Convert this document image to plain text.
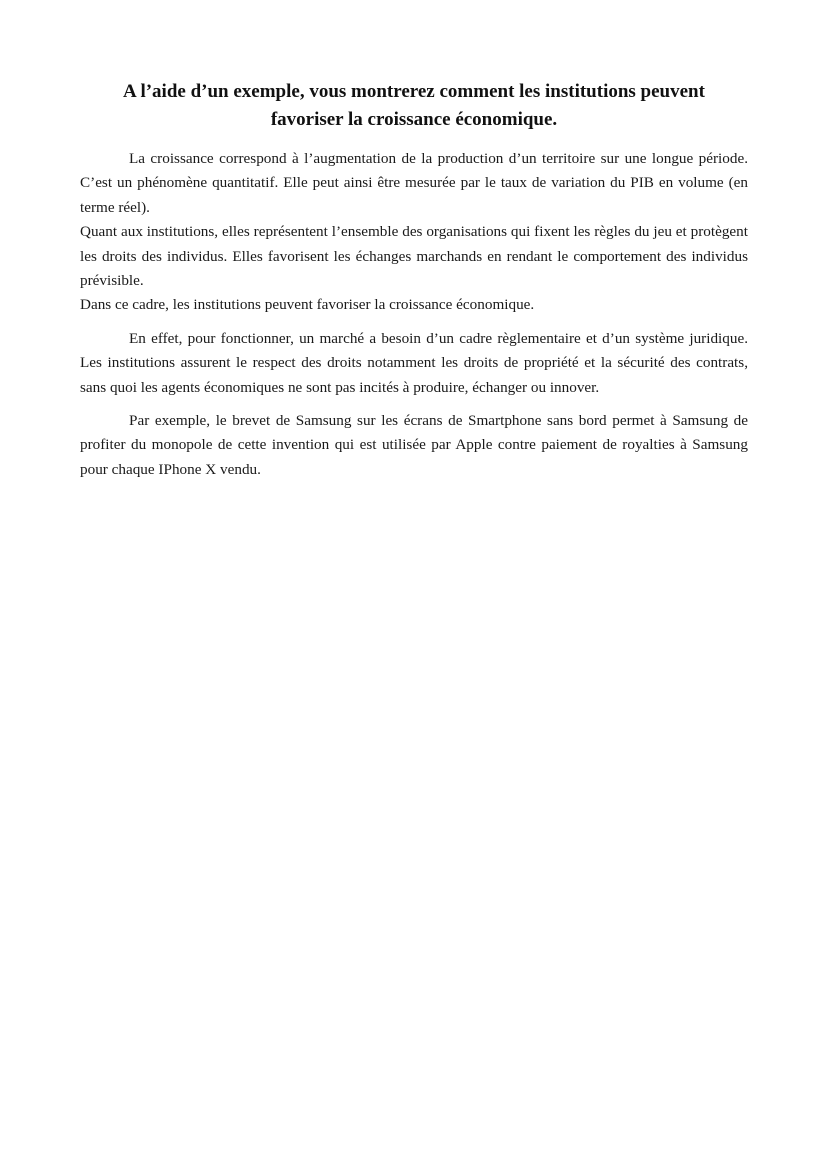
A l’aide d’un exemple, vous montrerez comment les institutions peuvent
favoriser la croissance économique.

La croissance correspond à l’augmentation de la production d’un territoire sur une longue période. C’est un phénomène quantitatif. Elle peut ainsi être mesurée par le taux de variation du PIB en volume (en terme réel).

Quant aux institutions, elles représentent l’ensemble des organisations qui fixent les règles du jeu et protègent les droits des individus. Elles favorisent les échanges marchands en rendant le comportement des individus prévisible.

Dans ce cadre, les institutions peuvent favoriser la croissance économique.

En effet, pour fonctionner, un marché a besoin d’un cadre règlementaire et d’un système juridique. Les institutions assurent le respect des droits notamment les droits de propriété et la sécurité des contrats, sans quoi les agents économiques ne sont pas incités à produire, échanger ou innover.

Par exemple, le brevet de Samsung sur les écrans de Smartphone sans bord permet à Samsung de profiter du monopole de cette invention qui est utilisée par Apple contre paiement de royalties à Samsung pour chaque IPhone X vendu.
